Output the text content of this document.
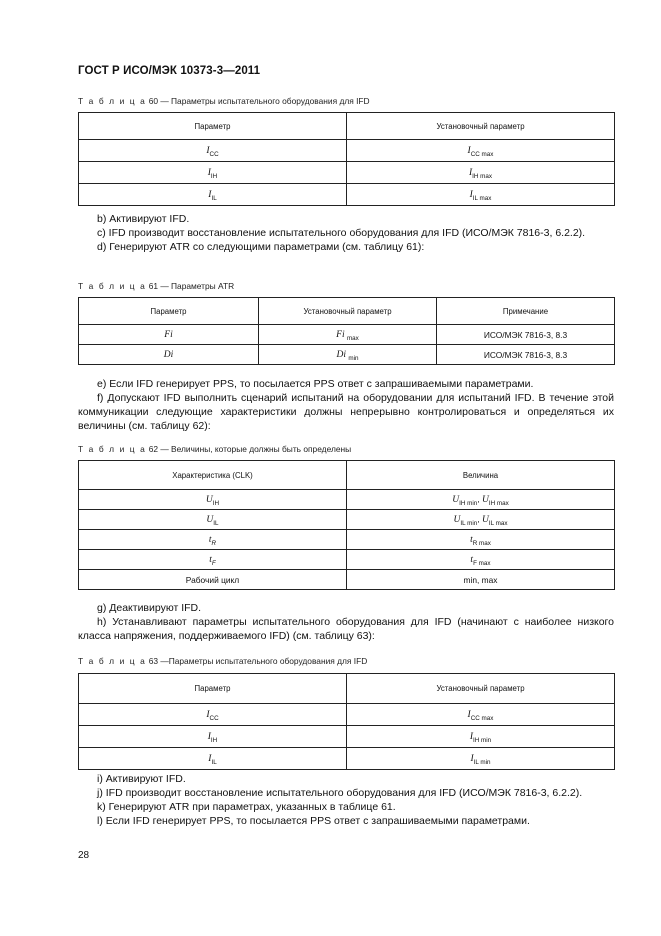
ГОСТ Р ИСО/МЭК 10373-3—2011
Т а б л и ц а 60 — Параметры испытательного оборудования для IFD
Параметр	Установочный параметр
$I_{CC}$	$I_{CC max}$
$I_{IH}$	$I_{IH max}$
$I_{IL}$	$I_{IL max}$

b) Активируют IFD.

c) IFD производит восстановление испытательного оборудования для IFD (ИСО/МЭК 7816-3, 6.2.2).

d) Генерируют ATR со следующими параметрами (см. таблицу 61):

Т а б л и ц а 61 — Параметры ATR
Параметр	Установочный параметр	Примечание
Fi	Fi $_{max}$	ИСО/МЭК 7816-3, 8.3
Di	Di $_{min}$	ИСО/МЭК 7816-3, 8.3

e) Если IFD генерирует PPS, то посылается PPS ответ с запрашиваемыми параметрами.

f) Допускают IFD выполнить сценарий испытаний на оборудовании для испытаний IFD. В течение этой коммуникации следующие характеристики должны непрерывно контролироваться и определяться их величины (см. таблицу 62):

Т а б л и ц а 62 — Величины, которые должны быть определены
Характеристика (CLK)	Величина
$U_{IH}$	$U_{IH min}$, $U_{IH max}$
$U_{IL}$	$U_{IL min}$, $U_{IL max}$
$t_R$	$t_{R max}$
$t_F$	$t_{F max}$
Рабочий цикл	min, max

g) Деактивируют IFD.

h) Устанавливают параметры испытательного оборудования для IFD (начинают с наиболее низкого класса напряжения, поддерживаемого IFD) (см. таблицу 63):

Т а б л и ц а 63 —Параметры испытательного оборудования для IFD
Параметр	Установочный параметр
$I_{CC}$	$I_{CC max}$
$I_{IH}$	$I_{IH min}$
$I_{IL}$	$I_{IL min}$

i) Активируют IFD.

j) IFD производит восстановление испытательного оборудования для IFD (ИСО/МЭК 7816-3, 6.2.2).

k) Генерируют ATR при параметрах, указанных в таблице 61.

l) Если IFD генерирует PPS, то посылается PPS ответ с запрашиваемыми параметрами.

28
